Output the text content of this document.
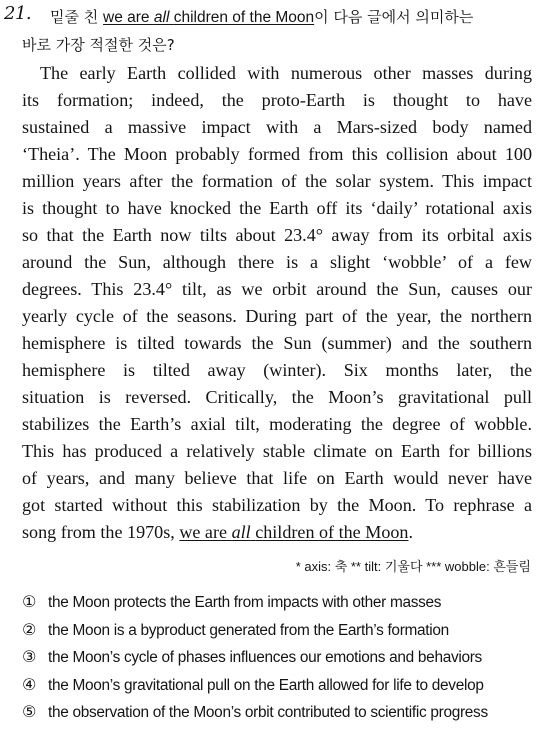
21. 밑줄 친 we are all children of the Moon이 다음 글에서 의미하는
바로 가장 적절한 것은?
The early Earth collided with numerous other masses during
its formation; indeed, the proto-Earth is thought to have
sustained a massive impact with a Mars-sized body named
‘Theia’. The Moon probably formed from this collision about 100
million years after the formation of the solar system. This impact
is thought to have knocked the Earth off its ‘daily’ rotational axis
so that the Earth now tilts about 23.4° away from its orbital axis
around the Sun, although there is a slight ‘wobble’ of a few
degrees. This 23.4° tilt, as we orbit around the Sun, causes our
yearly cycle of the seasons. During part of the year, the northern
hemisphere is tilted towards the Sun (summer) and the southern
hemisphere is tilted away (winter). Six months later, the
situation is reversed. Critically, the Moon’s gravitational pull
stabilizes the Earth’s axial tilt, moderating the degree of wobble.
This has produced a relatively stable climate on Earth for billions
of years, and many believe that life on Earth would never have
got started without this stabilization by the Moon. To rephrase a
song from the 1970s, we are all children of the Moon.
* axis: 축 ** tilt: 기울다 *** wobble: 흔들림
① the Moon protects the Earth from impacts with other masses
② the Moon is a byproduct generated from the Earth’s formation
③ the Moon’s cycle of phases influences our emotions and behaviors
④ the Moon’s gravitational pull on the Earth allowed for life to develop
⑤ the observation of the Moon’s orbit contributed to scientific progress
